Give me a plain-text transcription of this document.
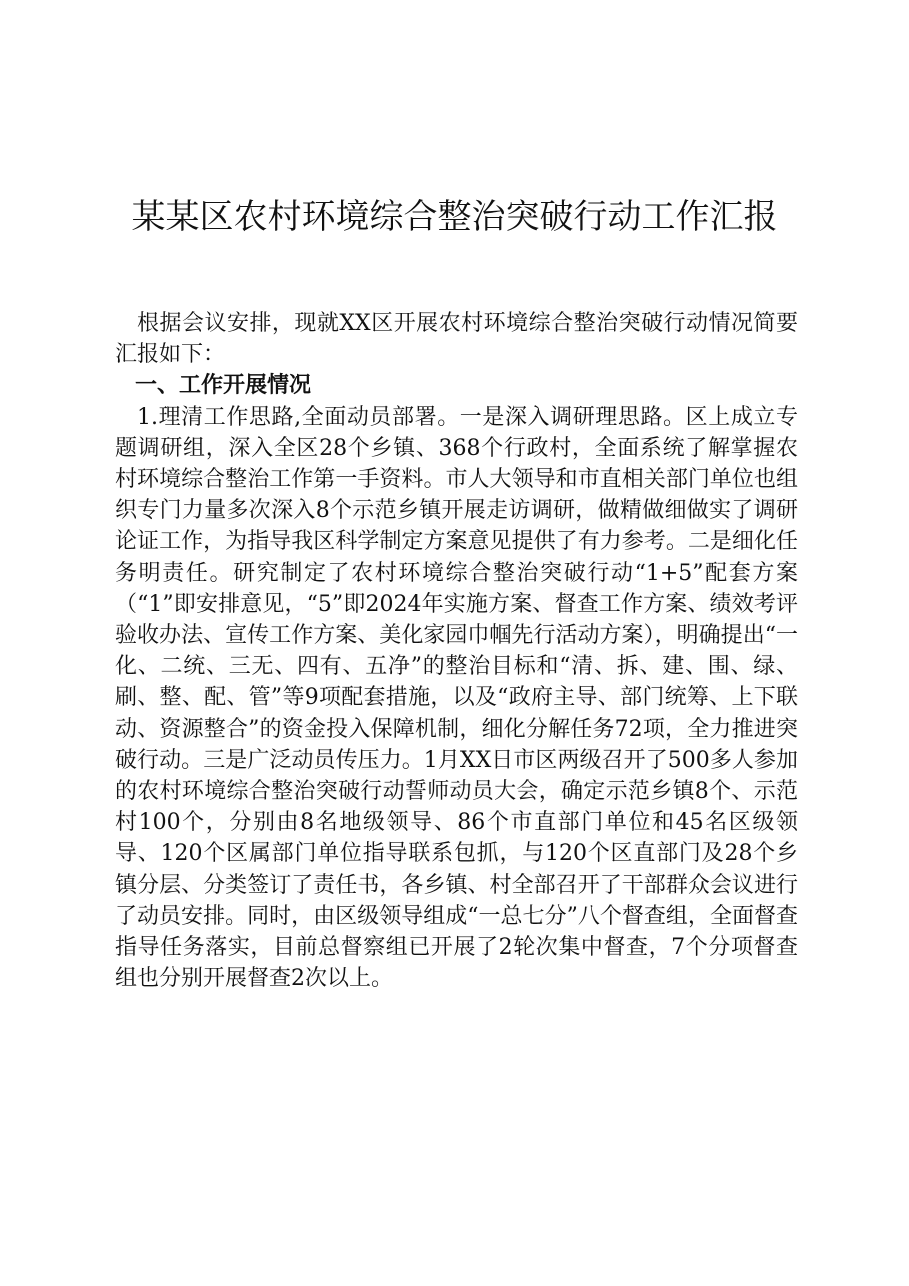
某某区农村环境综合整治突破行动工作汇报

根据会议安排，现就XX区开展农村环境综合整治突破行动情况简要汇报如下：

一、工作开展情况

1.理清工作思路,全面动员部署。一是深入调研理思路。区上成立专题调研组，深入全区28个乡镇、368个行政村，全面系统了解掌握农村环境综合整治工作第一手资料。市人大领导和市直相关部门单位也组织专门力量多次深入8个示范乡镇开展走访调研，做精做细做实了调研论证工作，为指导我区科学制定方案意见提供了有力参考。二是细化任务明责任。研究制定了农村环境综合整治突破行动“1+5”配套方案（“1”即安排意见，“5”即2024年实施方案、督查工作方案、绩效考评验收办法、宣传工作方案、美化家园巾帼先行活动方案），明确提出“一化、二统、三无、四有、五净”的整治目标和“清、拆、建、围、绿、刷、整、配、管”等9项配套措施，以及“政府主导、部门统筹、上下联动、资源整合”的资金投入保障机制，细化分解任务72项，全力推进突破行动。三是广泛动员传压力。1月XX日市区两级召开了500多人参加的农村环境综合整治突破行动誓师动员大会，确定示范乡镇8个、示范村100个，分别由8名地级领导、86个市直部门单位和45名区级领导、120个区属部门单位指导联系包抓，与120个区直部门及28个乡镇分层、分类签订了责任书，各乡镇、村全部召开了干部群众会议进行了动员安排。同时，由区级领导组成“一总七分”八个督查组，全面督查指导任务落实，目前总督察组已开展了2轮次集中督查，7个分项督查组也分别开展督查2次以上。
